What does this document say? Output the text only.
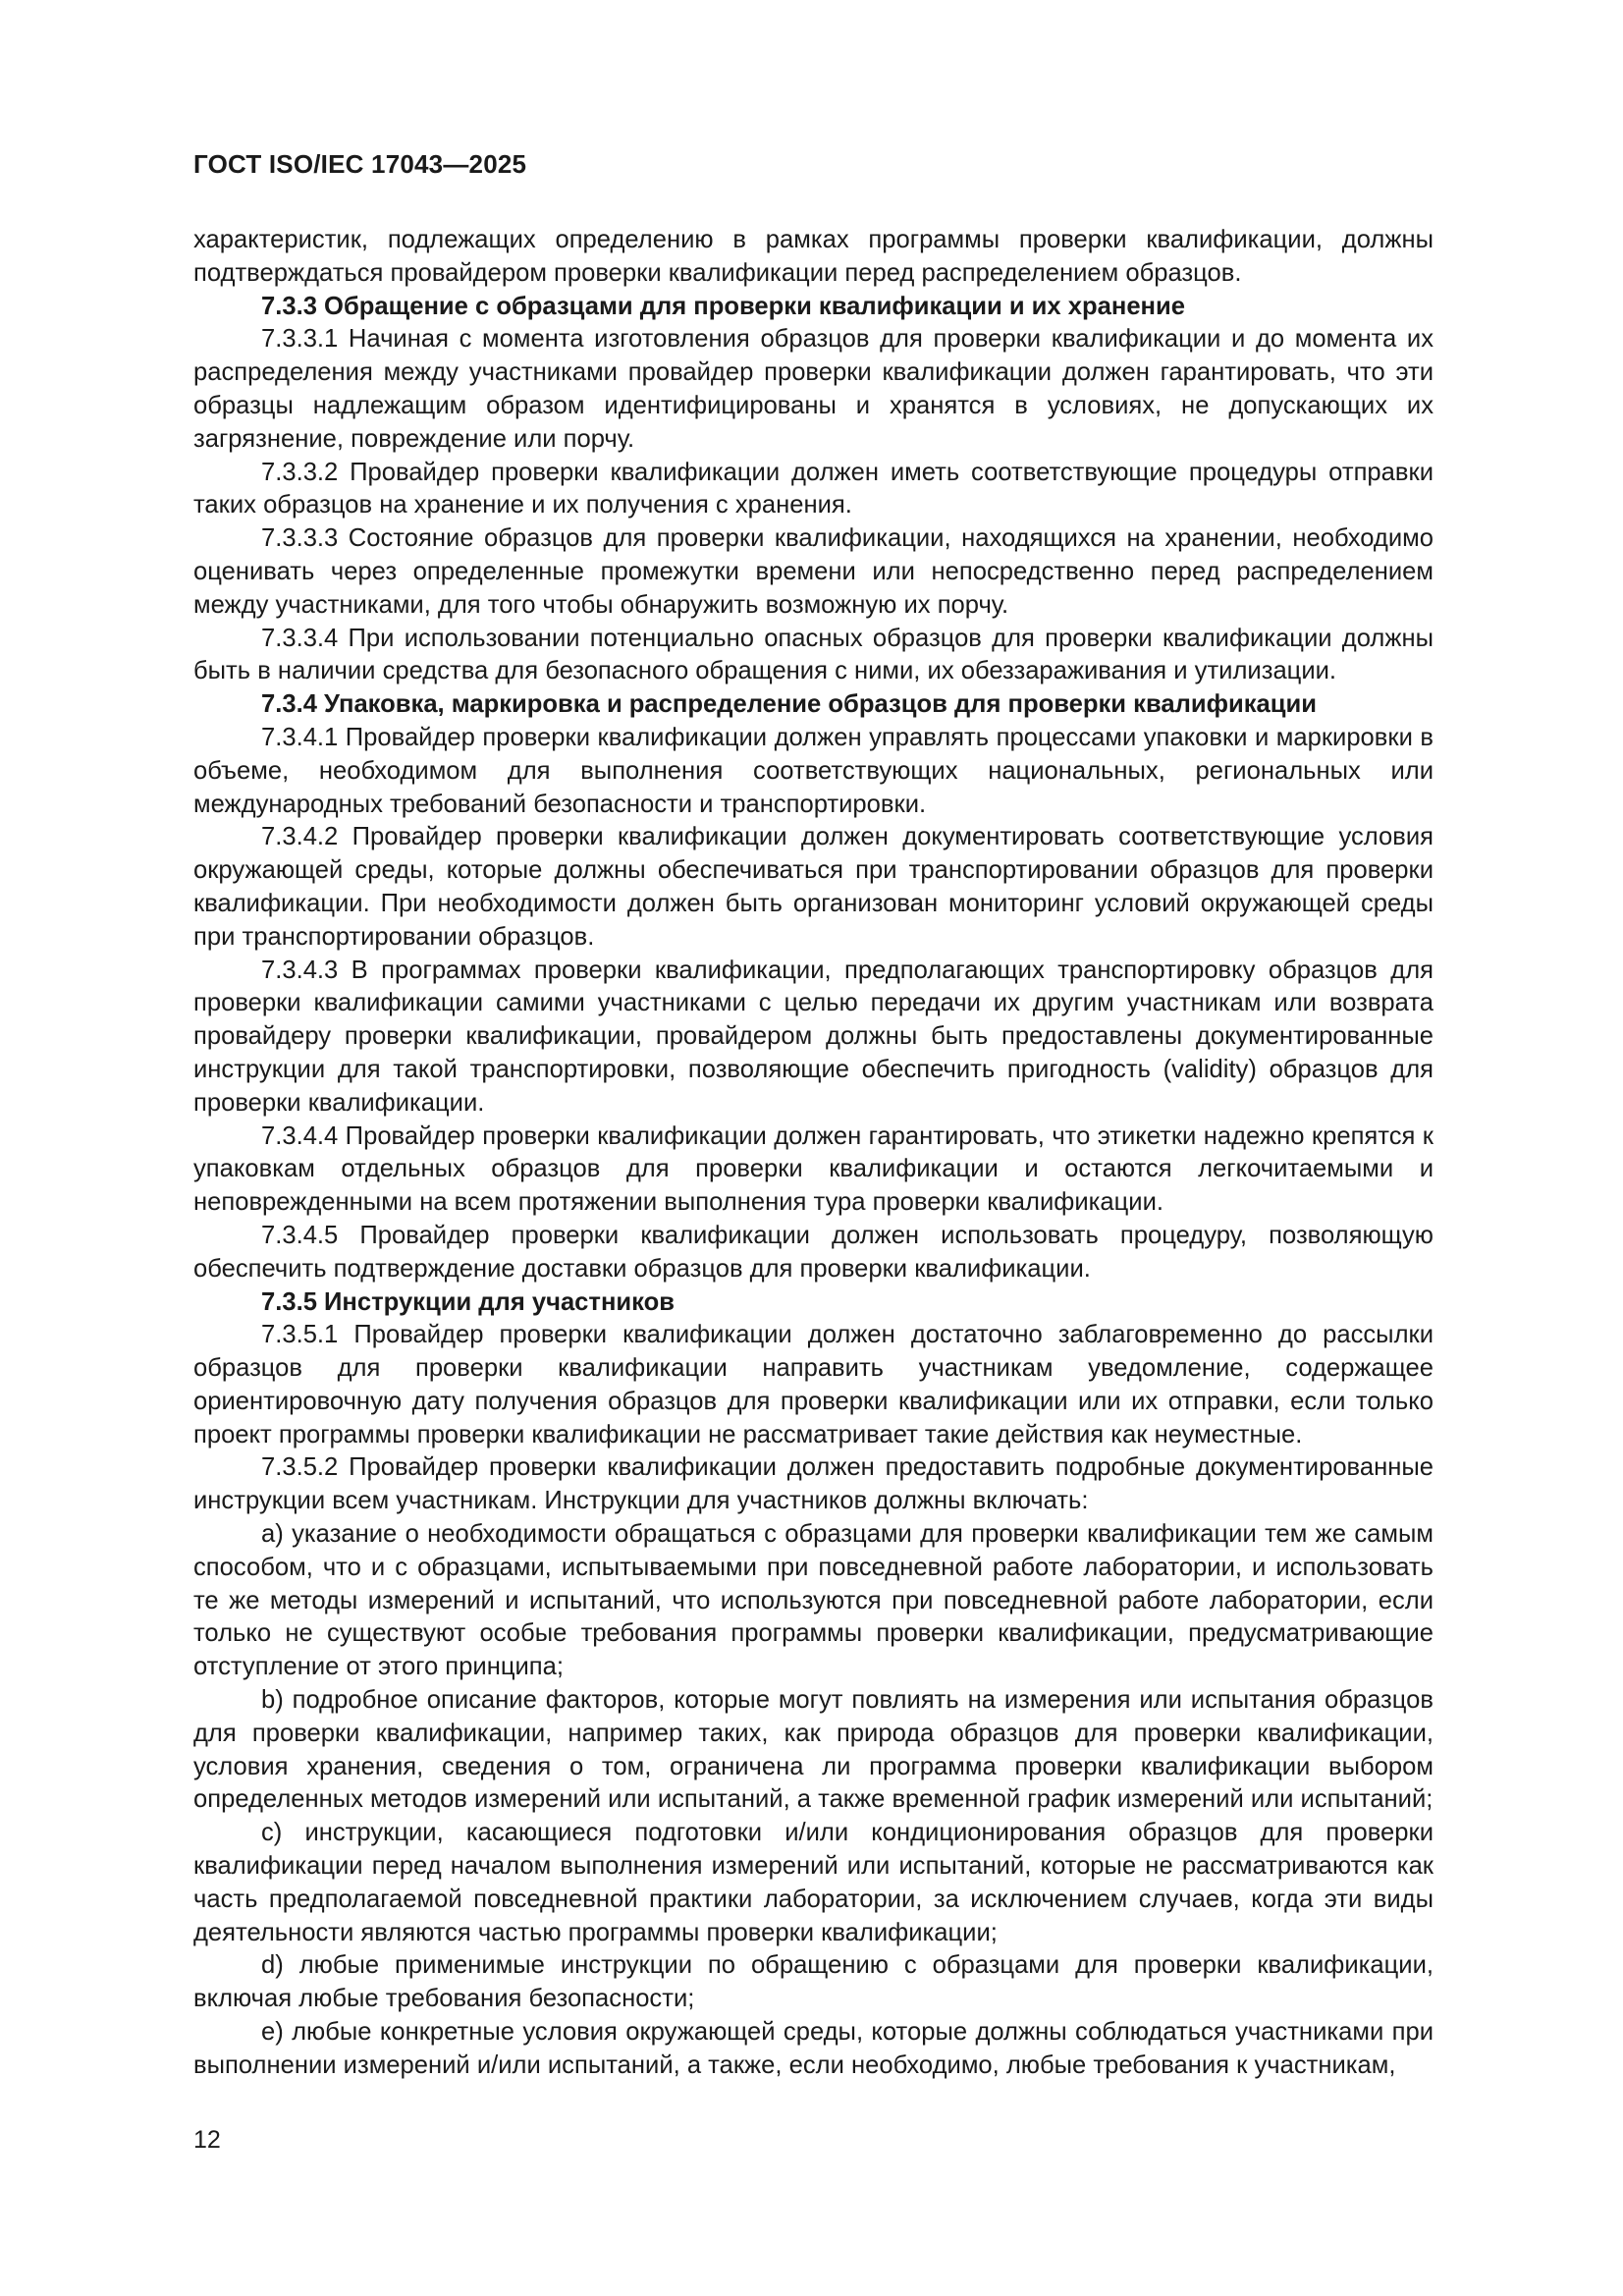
ГОСТ ISO/IEC 17043—2025

характеристик, подлежащих определению в рамках программы проверки квалификации, должны подтверждаться провайдером проверки квалификации перед распределением образцов.

7.3.3 Обращение с образцами для проверки квалификации и их хранение

7.3.3.1 Начиная с момента изготовления образцов для проверки квалификации и до момента их распределения между участниками провайдер проверки квалификации должен гарантировать, что эти образцы надлежащим образом идентифицированы и хранятся в условиях, не допускающих их загрязнение, повреждение или порчу.

7.3.3.2 Провайдер проверки квалификации должен иметь соответствующие процедуры отправки таких образцов на хранение и их получения с хранения.

7.3.3.3 Состояние образцов для проверки квалификации, находящихся на хранении, необходимо оценивать через определенные промежутки времени или непосредственно перед распределением между участниками, для того чтобы обнаружить возможную их порчу.

7.3.3.4 При использовании потенциально опасных образцов для проверки квалификации должны быть в наличии средства для безопасного обращения с ними, их обеззараживания и утилизации.

7.3.4 Упаковка, маркировка и распределение образцов для проверки квалификации

7.3.4.1 Провайдер проверки квалификации должен управлять процессами упаковки и маркировки в объеме, необходимом для выполнения соответствующих национальных, региональных или международных требований безопасности и транспортировки.

7.3.4.2 Провайдер проверки квалификации должен документировать соответствующие условия окружающей среды, которые должны обеспечиваться при транспортировании образцов для проверки квалификации. При необходимости должен быть организован мониторинг условий окружающей среды при транспортировании образцов.

7.3.4.3 В программах проверки квалификации, предполагающих транспортировку образцов для проверки квалификации самими участниками с целью передачи их другим участникам или возврата провайдеру проверки квалификации, провайдером должны быть предоставлены документированные инструкции для такой транспортировки, позволяющие обеспечить пригодность (validity) образцов для проверки квалификации.

7.3.4.4 Провайдер проверки квалификации должен гарантировать, что этикетки надежно крепятся к упаковкам отдельных образцов для проверки квалификации и остаются легкочитаемыми и неповрежденными на всем протяжении выполнения тура проверки квалификации.

7.3.4.5 Провайдер проверки квалификации должен использовать процедуру, позволяющую обеспечить подтверждение доставки образцов для проверки квалификации.

7.3.5 Инструкции для участников

7.3.5.1 Провайдер проверки квалификации должен достаточно заблаговременно до рассылки образцов для проверки квалификации направить участникам уведомление, содержащее ориентировочную дату получения образцов для проверки квалификации или их отправки, если только проект программы проверки квалификации не рассматривает такие действия как неуместные.

7.3.5.2 Провайдер проверки квалификации должен предоставить подробные документированные инструкции всем участникам. Инструкции для участников должны включать:

a) указание о необходимости обращаться с образцами для проверки квалификации тем же самым способом, что и с образцами, испытываемыми при повседневной работе лаборатории, и использовать те же методы измерений и испытаний, что используются при повседневной работе лаборатории, если только не существуют особые требования программы проверки квалификации, предусматривающие отступление от этого принципа;

b) подробное описание факторов, которые могут повлиять на измерения или испытания образцов для проверки квалификации, например таких, как природа образцов для проверки квалификации, условия хранения, сведения о том, ограничена ли программа проверки квалификации выбором определенных методов измерений или испытаний, а также временной график измерений или испытаний;

c) инструкции, касающиеся подготовки и/или кондиционирования образцов для проверки квалификации перед началом выполнения измерений или испытаний, которые не рассматриваются как часть предполагаемой повседневной практики лаборатории, за исключением случаев, когда эти виды деятельности являются частью программы проверки квалификации;

d) любые применимые инструкции по обращению с образцами для проверки квалификации, включая любые требования безопасности;

e) любые конкретные условия окружающей среды, которые должны соблюдаться участниками при выполнении измерений и/или испытаний, а также, если необходимо, любые требования к участникам,

12
